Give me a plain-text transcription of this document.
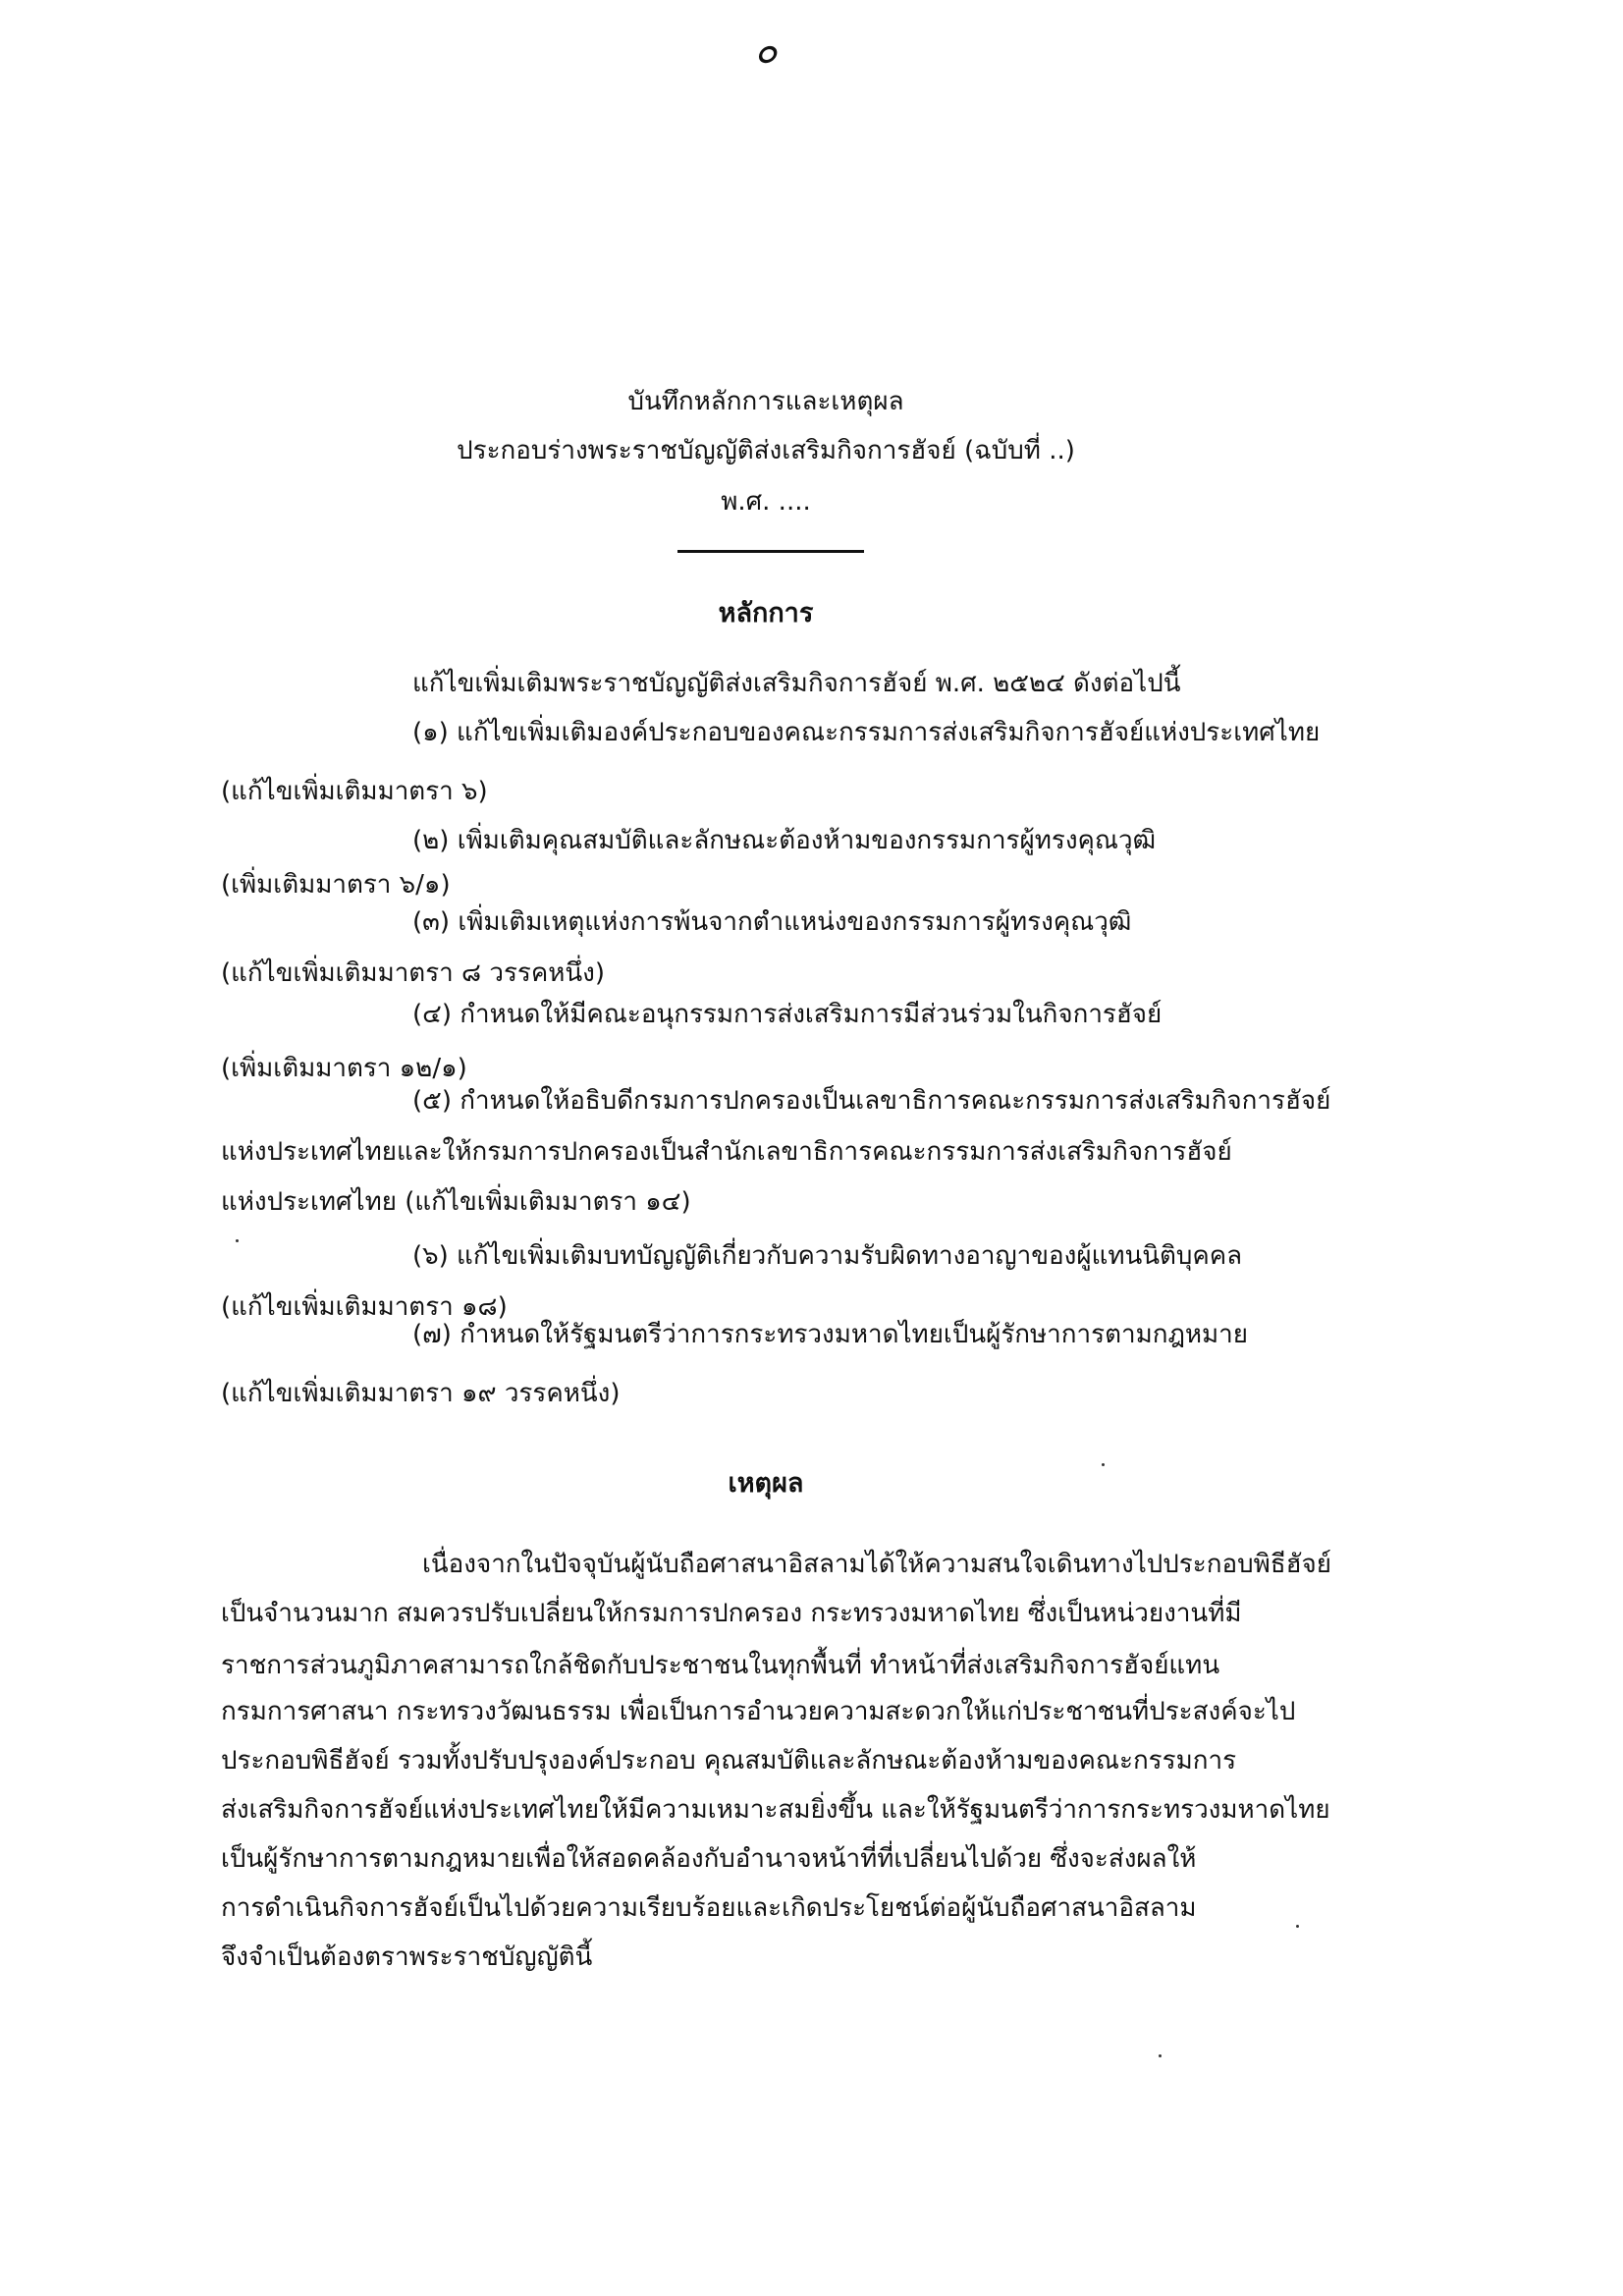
๐
บันทึกหลักการและเหตุผล
ประกอบร่างพระราชบัญญัติส่งเสริมกิจการฮัจย์ (ฉบับที่ ..)
พ.ศ. ....
หลักการ
แก้ไขเพิ่มเติมพระราชบัญญัติส่งเสริมกิจการฮัจย์ พ.ศ. ๒๕๒๔ ดังต่อไปนี้
(๑) แก้ไขเพิ่มเติมองค์ประกอบของคณะกรรมการส่งเสริมกิจการฮัจย์แห่งประเทศไทย
(แก้ไขเพิ่มเติมมาตรา ๖)
(๒) เพิ่มเติมคุณสมบัติและลักษณะต้องห้ามของกรรมการผู้ทรงคุณวุฒิ
(เพิ่มเติมมาตรา ๖/๑)
(๓) เพิ่มเติมเหตุแห่งการพ้นจากตำแหน่งของกรรมการผู้ทรงคุณวุฒิ
(แก้ไขเพิ่มเติมมาตรา ๘ วรรคหนึ่ง)
(๔) กำหนดให้มีคณะอนุกรรมการส่งเสริมการมีส่วนร่วมในกิจการฮัจย์
(เพิ่มเติมมาตรา ๑๒/๑)
(๕) กำหนดให้อธิบดีกรมการปกครองเป็นเลขาธิการคณะกรรมการส่งเสริมกิจการฮัจย์
แห่งประเทศไทยและให้กรมการปกครองเป็นสำนักเลขาธิการคณะกรรมการส่งเสริมกิจการฮัจย์
แห่งประเทศไทย (แก้ไขเพิ่มเติมมาตรา ๑๔)
(๖) แก้ไขเพิ่มเติมบทบัญญัติเกี่ยวกับความรับผิดทางอาญาของผู้แทนนิติบุคคล
(แก้ไขเพิ่มเติมมาตรา ๑๘)
(๗) กำหนดให้รัฐมนตรีว่าการกระทรวงมหาดไทยเป็นผู้รักษาการตามกฎหมาย
(แก้ไขเพิ่มเติมมาตรา ๑๙ วรรคหนึ่ง)
เหตุผล
เนื่องจากในปัจจุบันผู้นับถือศาสนาอิสลามได้ให้ความสนใจเดินทางไปประกอบพิธีฮัจย์
เป็นจำนวนมาก สมควรปรับเปลี่ยนให้กรมการปกครอง กระทรวงมหาดไทย ซึ่งเป็นหน่วยงานที่มี
ราชการส่วนภูมิภาคสามารถใกล้ชิดกับประชาชนในทุกพื้นที่ ทำหน้าที่ส่งเสริมกิจการฮัจย์แทน
กรมการศาสนา กระทรวงวัฒนธรรม เพื่อเป็นการอำนวยความสะดวกให้แก่ประชาชนที่ประสงค์จะไป
ประกอบพิธีฮัจย์ รวมทั้งปรับปรุงองค์ประกอบ คุณสมบัติและลักษณะต้องห้ามของคณะกรรมการ
ส่งเสริมกิจการฮัจย์แห่งประเทศไทยให้มีความเหมาะสมยิ่งขึ้น และให้รัฐมนตรีว่าการกระทรวงมหาดไทย
เป็นผู้รักษาการตามกฎหมายเพื่อให้สอดคล้องกับอำนาจหน้าที่ที่เปลี่ยนไปด้วย ซึ่งจะส่งผลให้
การดำเนินกิจการฮัจย์เป็นไปด้วยความเรียบร้อยและเกิดประโยชน์ต่อผู้นับถือศาสนาอิสลาม
จึงจำเป็นต้องตราพระราชบัญญัตินี้
